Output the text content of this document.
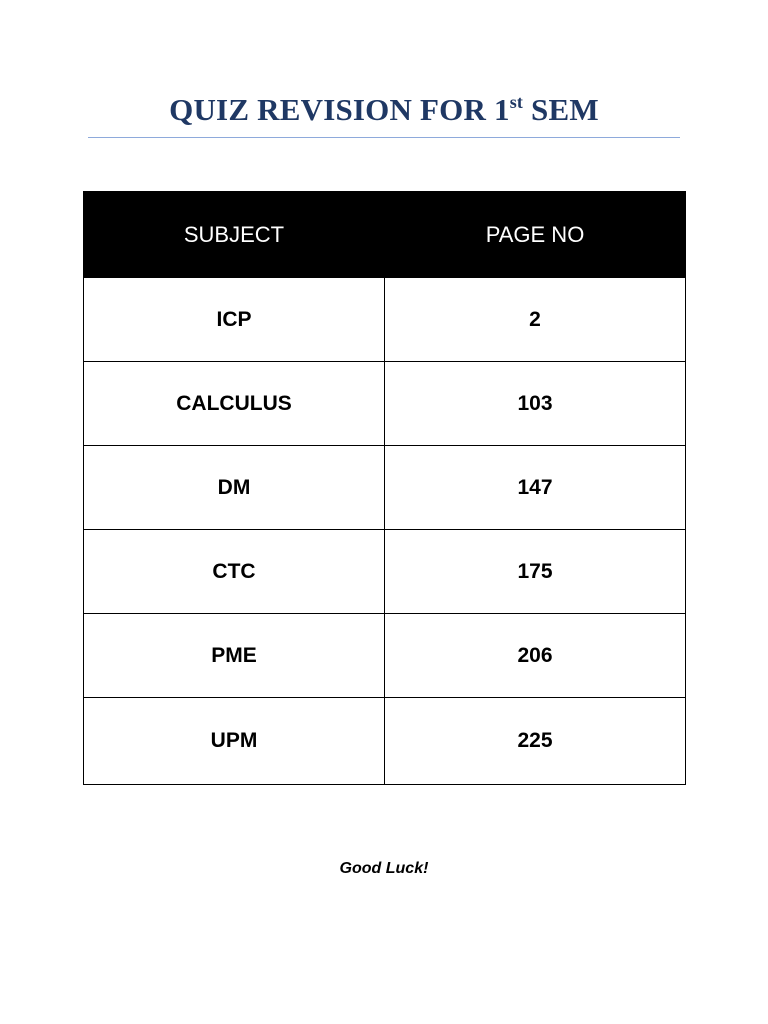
QUIZ REVISION FOR 1st SEM
SUBJECT	PAGE NO
ICP	2
CALCULUS	103
DM	147
CTC	175
PME	206
UPM	225
Good Luck!
